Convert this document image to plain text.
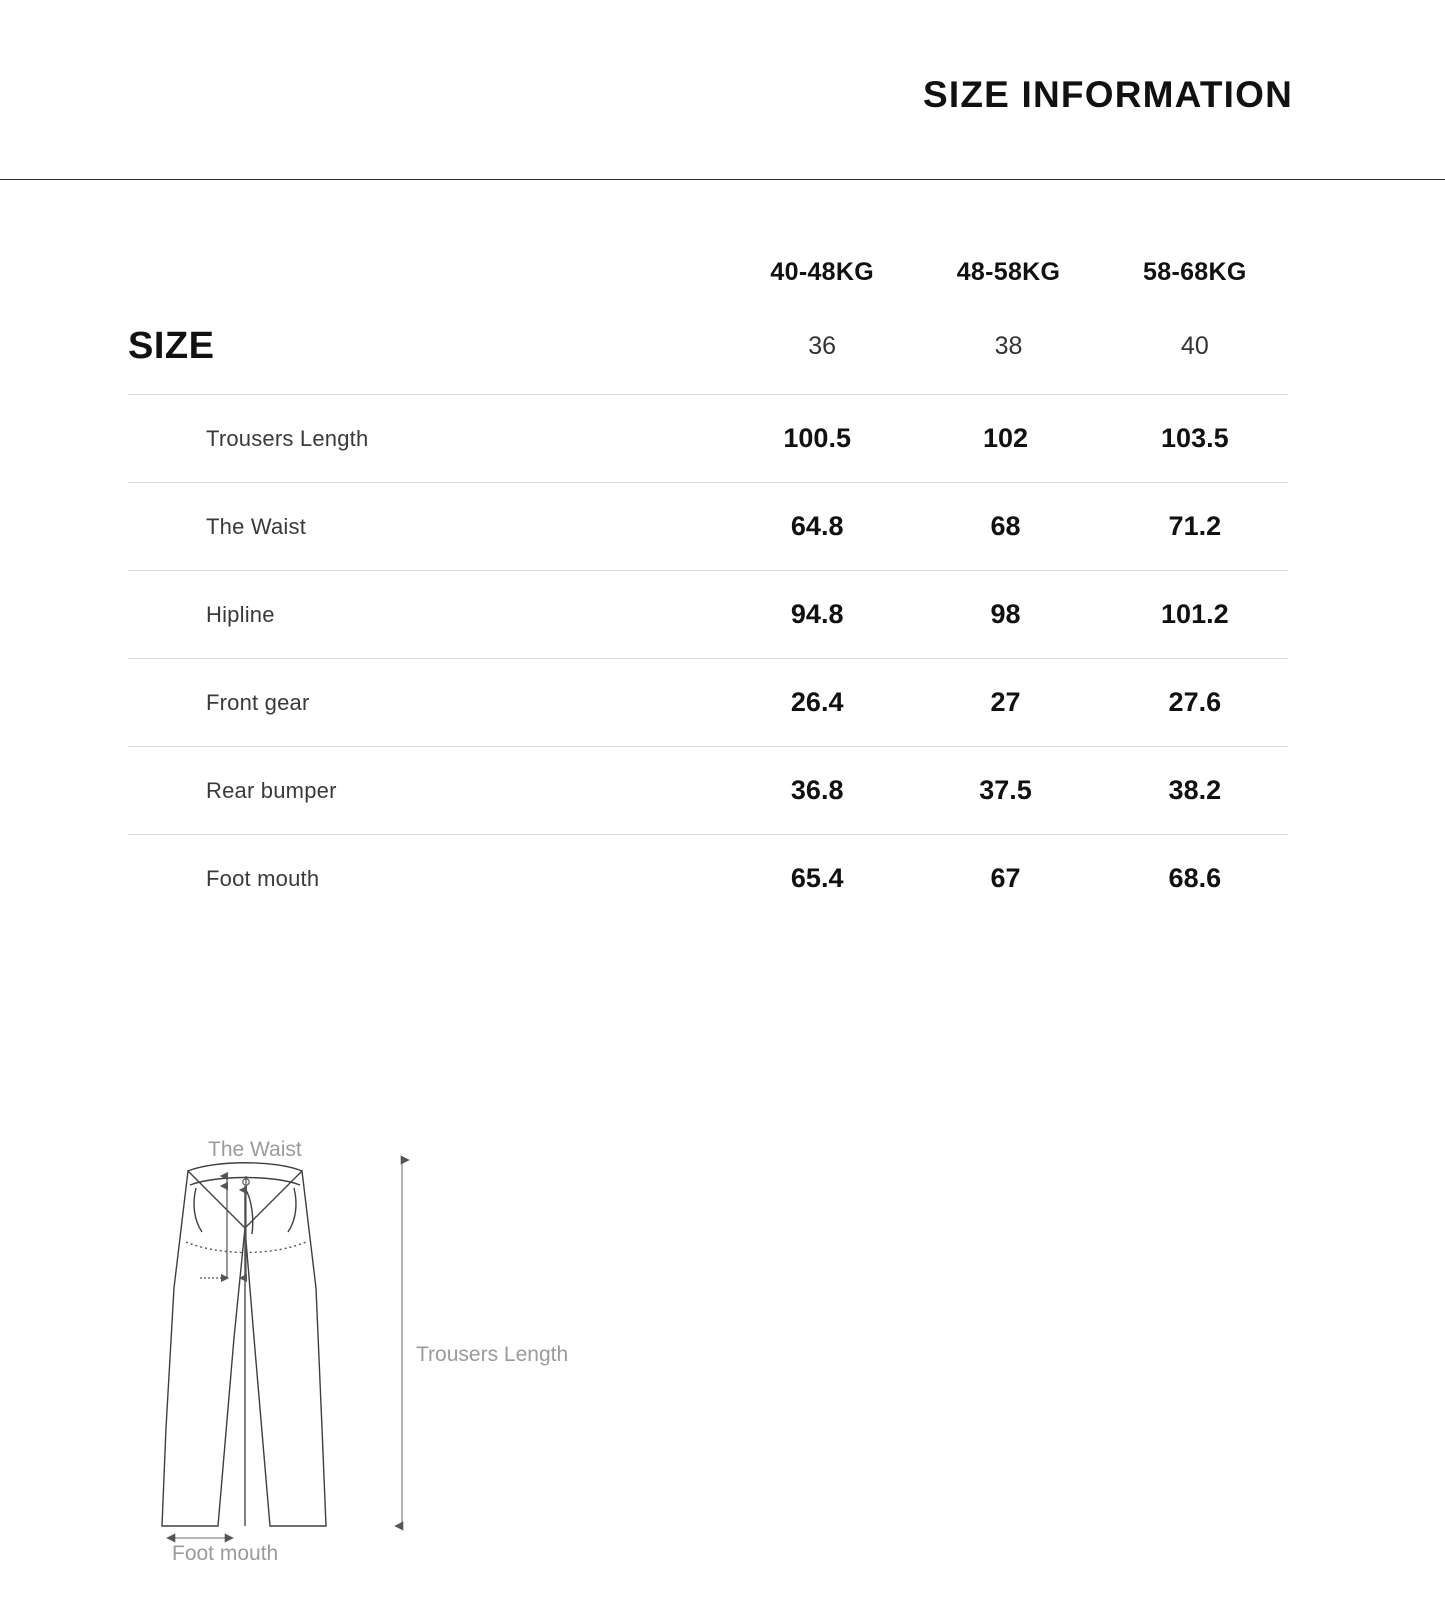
SIZE INFORMATION
	40-48KG	48-58KG	58-68KG
SIZE	36	38	40
Trousers Length	100.5	102	103.5
The Waist	64.8	68	71.2
Hipline	94.8	98	101.2
Front gear	26.4	27	27.6
Rear bumper	36.8	37.5	38.2
Foot mouth	65.4	67	68.6
The Waist
Trousers Length
Foot mouth
